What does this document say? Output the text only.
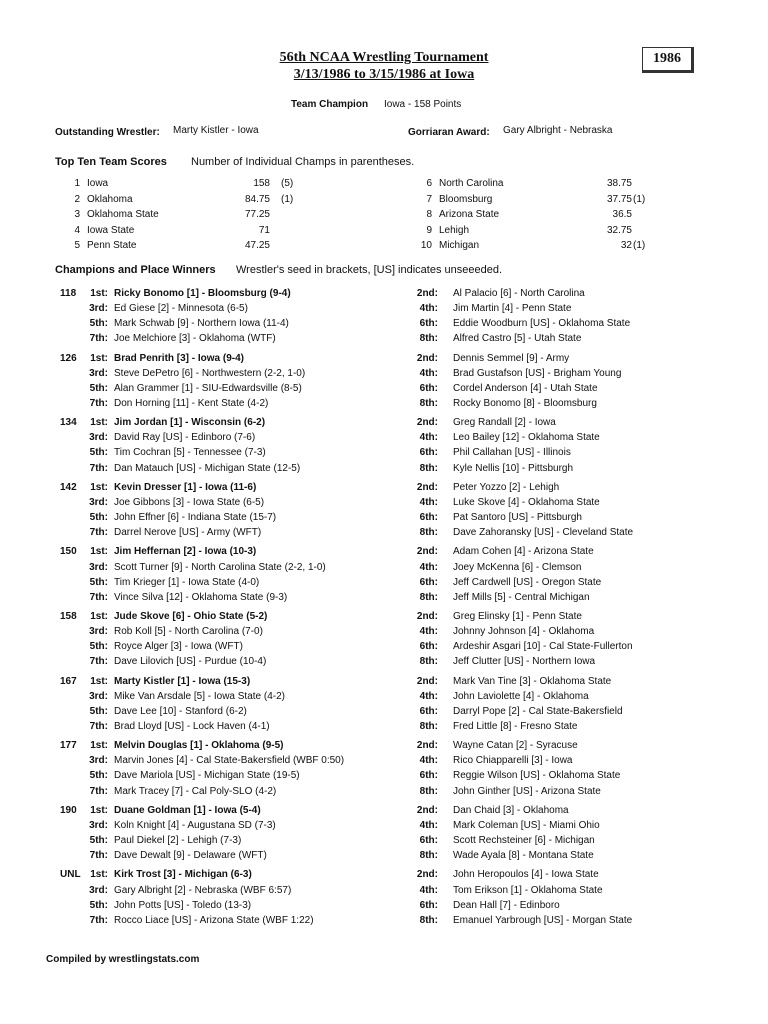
56th NCAA Wrestling Tournament
3/13/1986 to 3/15/1986 at Iowa
1986
Team Champion Iowa - 158 Points
Outstanding Wrestler: Marty Kistler - Iowa	Gorriaran Award: Gary Albright - Nebraska
Top Ten Team Scores Number of Individual Champs in parentheses.
1 Iowa	158 (5)
2 Oklahoma	84.75 (1)
3 Oklahoma State	77.25
4 Iowa State	71
5 Penn State	47.25
6 North Carolina	38.75
7 Bloomsburg	37.75 (1)
8 Arizona State	36.5
9 Lehigh	32.75
10 Michigan	32 (1)
Champions and Place Winners Wrestler's seed in brackets, [US] indicates unseeeded.
118	1st: Ricky Bonomo [1] - Bloomsburg (9-4)	2nd: Al Palacio [6] - North Carolina
3rd: Ed Giese [2] - Minnesota (6-5)	4th: Jim Martin [4] - Penn State
5th: Mark Schwab [9] - Northern Iowa (11-4)	6th: Eddie Woodburn [US] - Oklahoma State
7th: Joe Melchiore [3] - Oklahoma (WTF)	8th: Alfred Castro [5] - Utah State
126	1st: Brad Penrith [3] - Iowa (9-4)	2nd: Dennis Semmel [9] - Army
3rd: Steve DePetro [6] - Northwestern (2-2, 1-0)	4th: Brad Gustafson [US] - Brigham Young
5th: Alan Grammer [1] - SIU-Edwardsville (8-5)	6th: Cordel Anderson [4] - Utah State
7th: Don Horning [11] - Kent State (4-2)	8th: Rocky Bonomo [8] - Bloomsburg
134	1st: Jim Jordan [1] - Wisconsin (6-2)	2nd: Greg Randall [2] - Iowa
3rd: David Ray [US] - Edinboro (7-6)	4th: Leo Bailey [12] - Oklahoma State
5th: Tim Cochran [5] - Tennessee (7-3)	6th: Phil Callahan [US] - Illinois
7th: Dan Matauch [US] - Michigan State (12-5)	8th: Kyle Nellis [10] - Pittsburgh
142	1st: Kevin Dresser [1] - Iowa (11-6)	2nd: Peter Yozzo [2] - Lehigh
3rd: Joe Gibbons [3] - Iowa State (6-5)	4th: Luke Skove [4] - Oklahoma State
5th: John Effner [6] - Indiana State (15-7)	6th: Pat Santoro [US] - Pittsburgh
7th: Darrel Nerove [US] - Army (WFT)	8th: Dave Zahoransky [US] - Cleveland State
150	1st: Jim Heffernan [2] - Iowa (10-3)	2nd: Adam Cohen [4] - Arizona State
3rd: Scott Turner [9] - North Carolina State (2-2, 1-0)	4th: Joey McKenna [6] - Clemson
5th: Tim Krieger [1] - Iowa State (4-0)	6th: Jeff Cardwell [US] - Oregon State
7th: Vince Silva [12] - Oklahoma State (9-3)	8th: Jeff Mills [5] - Central Michigan
158	1st: Jude Skove [6] - Ohio State (5-2)	2nd: Greg Elinsky [1] - Penn State
3rd: Rob Koll [5] - North Carolina (7-0)	4th: Johnny Johnson [4] - Oklahoma
5th: Royce Alger [3] - Iowa (WFT)	6th: Ardeshir Asgari [10] - Cal State-Fullerton
7th: Dave Lilovich [US] - Purdue (10-4)	8th: Jeff Clutter [US] - Northern Iowa
167	1st: Marty Kistler [1] - Iowa (15-3)	2nd: Mark Van Tine [3] - Oklahoma State
3rd: Mike Van Arsdale [5] - Iowa State (4-2)	4th: John Laviolette [4] - Oklahoma
5th: Dave Lee [10] - Stanford (6-2)	6th: Darryl Pope [2] - Cal State-Bakersfield
7th: Brad Lloyd [US] - Lock Haven (4-1)	8th: Fred Little [8] - Fresno State
177	1st: Melvin Douglas [1] - Oklahoma (9-5)	2nd: Wayne Catan [2] - Syracuse
3rd: Marvin Jones [4] - Cal State-Bakersfield (WBF 0:50)	4th: Rico Chiapparelli [3] - Iowa
5th: Dave Mariola [US] - Michigan State (19-5)	6th: Reggie Wilson [US] - Oklahoma State
7th: Mark Tracey [7] - Cal Poly-SLO (4-2)	8th: John Ginther [US] - Arizona State
190	1st: Duane Goldman [1] - Iowa (5-4)	2nd: Dan Chaid [3] - Oklahoma
3rd: Koln Knight [4] - Augustana SD (7-3)	4th: Mark Coleman [US] - Miami Ohio
5th: Paul Diekel [2] - Lehigh (7-3)	6th: Scott Rechsteiner [6] - Michigan
7th: Dave Dewalt [9] - Delaware (WFT)	8th: Wade Ayala [8] - Montana State
UNL 1st: Kirk Trost [3] - Michigan (6-3)	2nd: John Heropoulos [4] - Iowa State
3rd: Gary Albright [2] - Nebraska (WBF 6:57)	4th: Tom Erikson [1] - Oklahoma State
5th: John Potts [US] - Toledo (13-3)	6th: Dean Hall [7] - Edinboro
7th: Rocco Liace [US] - Arizona State (WBF 1:22)	8th: Emanuel Yarbrough [US] - Morgan State
Compiled by wrestlingstats.com
